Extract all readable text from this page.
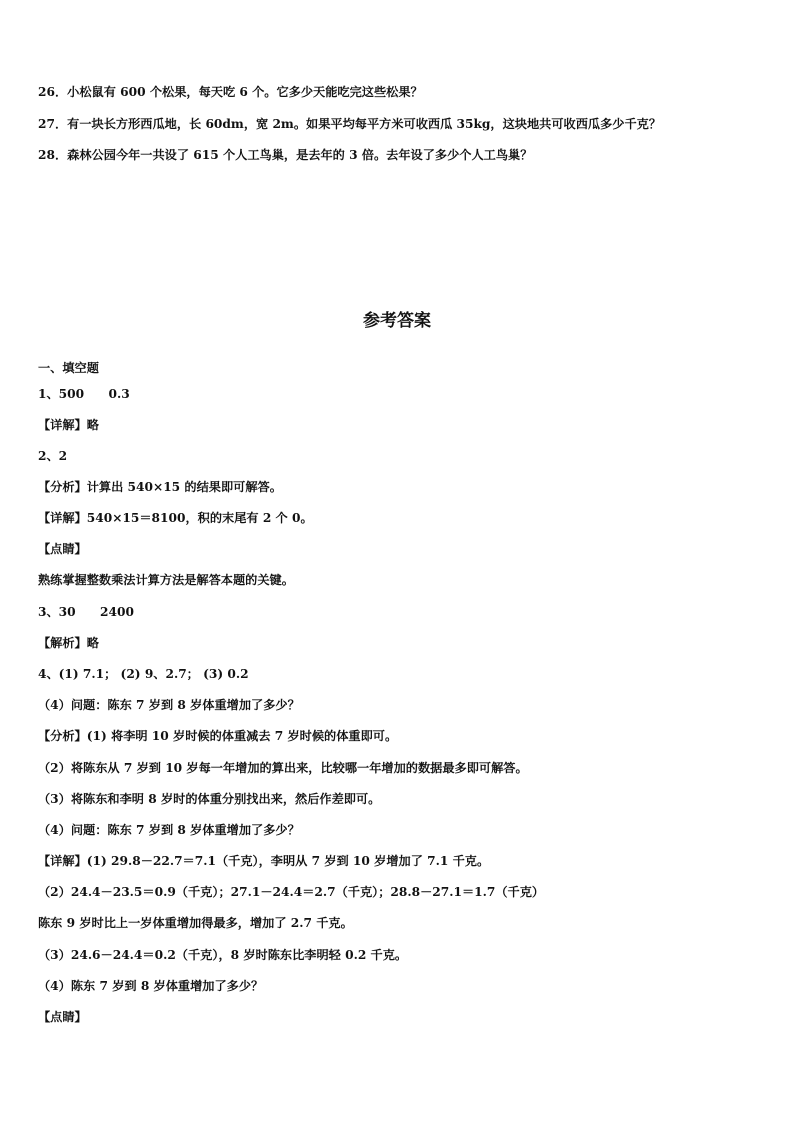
26．小松鼠有 600 个松果，每天吃 6 个。它多少天能吃完这些松果？
27．有一块长方形西瓜地，长 60dm，宽 2m。如果平均每平方米可收西瓜 35kg，这块地共可收西瓜多少千克？
28．森林公园今年一共设了 615 个人工鸟巢，是去年的 3 倍。去年设了多少个人工鸟巢？
参考答案
一、填空题
1、500　　0.3
【详解】略
2、2
【分析】计算出 540×15 的结果即可解答。
【详解】540×15＝8100，积的末尾有 2 个 0。
【点睛】
熟练掌握整数乘法计算方法是解答本题的关键。
3、30　　2400
【解析】略
4、(1) 7.1； (2) 9、2.7； (3) 0.2
（4）问题：陈东 7 岁到 8 岁体重增加了多少？
【分析】(1) 将李明 10 岁时候的体重减去 7 岁时候的体重即可。
（2）将陈东从 7 岁到 10 岁每一年增加的算出来，比较哪一年增加的数据最多即可解答。
（3）将陈东和李明 8 岁时的体重分别找出来，然后作差即可。
（4）问题：陈东 7 岁到 8 岁体重增加了多少？
【详解】(1) 29.8－22.7＝7.1（千克），李明从 7 岁到 10 岁增加了 7.1 千克。
（2）24.4－23.5＝0.9（千克）；27.1－24.4＝2.7（千克）；28.8－27.1＝1.7（千克）
陈东 9 岁时比上一岁体重增加得最多，增加了 2.7 千克。
（3）24.6－24.4＝0.2（千克），8 岁时陈东比李明轻 0.2 千克。
（4）陈东 7 岁到 8 岁体重增加了多少？
【点睛】
